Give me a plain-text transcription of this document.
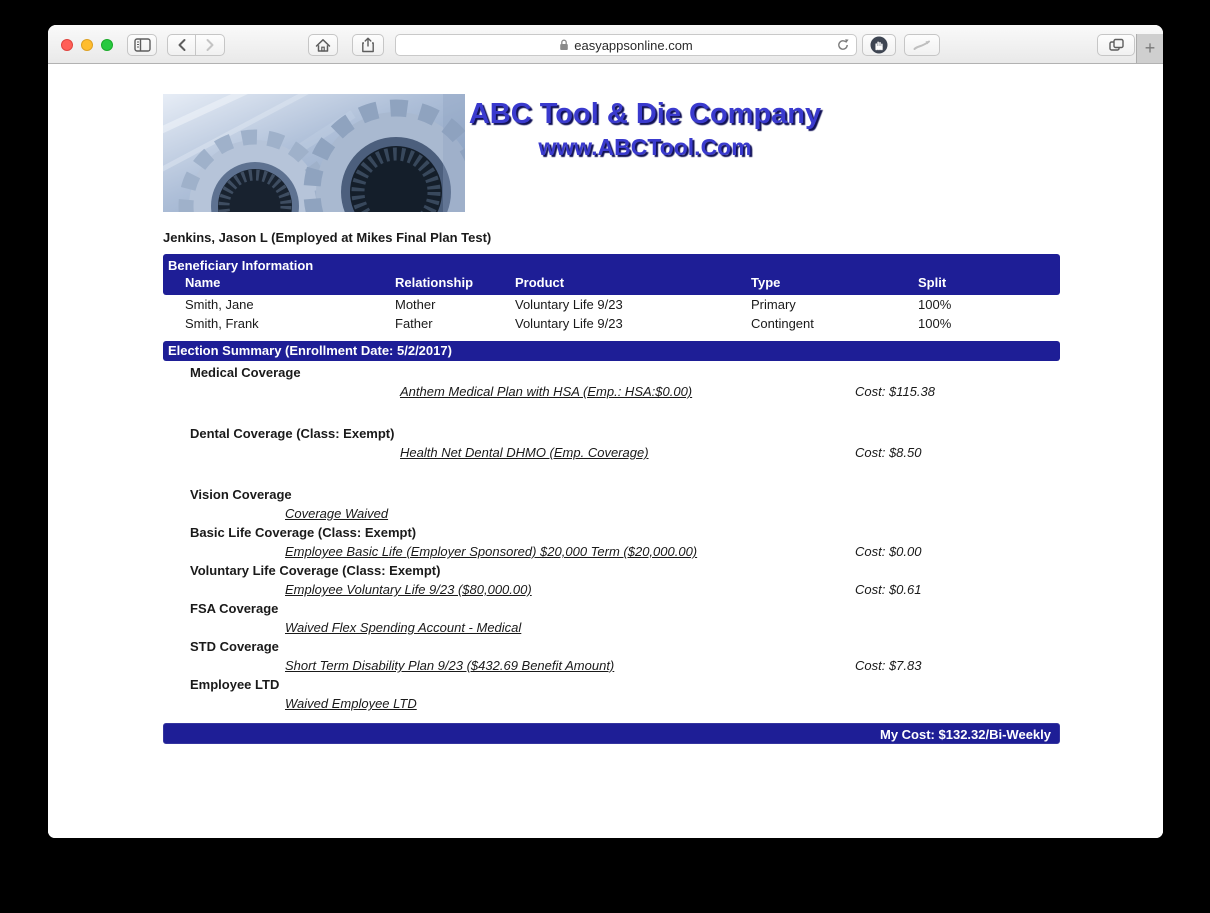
easyappsonline.com	+
ABC Tool & Die Company
www.ABCTool.Com
Jenkins, Jason L (Employed at Mikes Final Plan Test)
Beneficiary Information
Name	Relationship	Product	Type	Split
Smith, Jane	Mother	Voluntary Life 9/23	Primary	100%
Smith, Frank	Father	Voluntary Life 9/23	Contingent	100%
Election Summary (Enrollment Date: 5/2/2017)
Medical Coverage
Anthem Medical Plan with HSA (Emp.: HSA:$0.00)	Cost: $115.38
Dental Coverage (Class: Exempt)
Health Net Dental DHMO (Emp. Coverage)	Cost: $8.50
Vision Coverage
Coverage Waived
Basic Life Coverage (Class: Exempt)
Employee Basic Life (Employer Sponsored) $20,000 Term ($20,000.00)	Cost: $0.00
Voluntary Life Coverage (Class: Exempt)
Employee Voluntary Life 9/23 ($80,000.00)	Cost: $0.61
FSA Coverage
Waived Flex Spending Account - Medical
STD Coverage
Short Term Disability Plan 9/23 ($432.69 Benefit Amount)	Cost: $7.83
Employee LTD
Waived Employee LTD
My Cost: $132.32/Bi-Weekly
